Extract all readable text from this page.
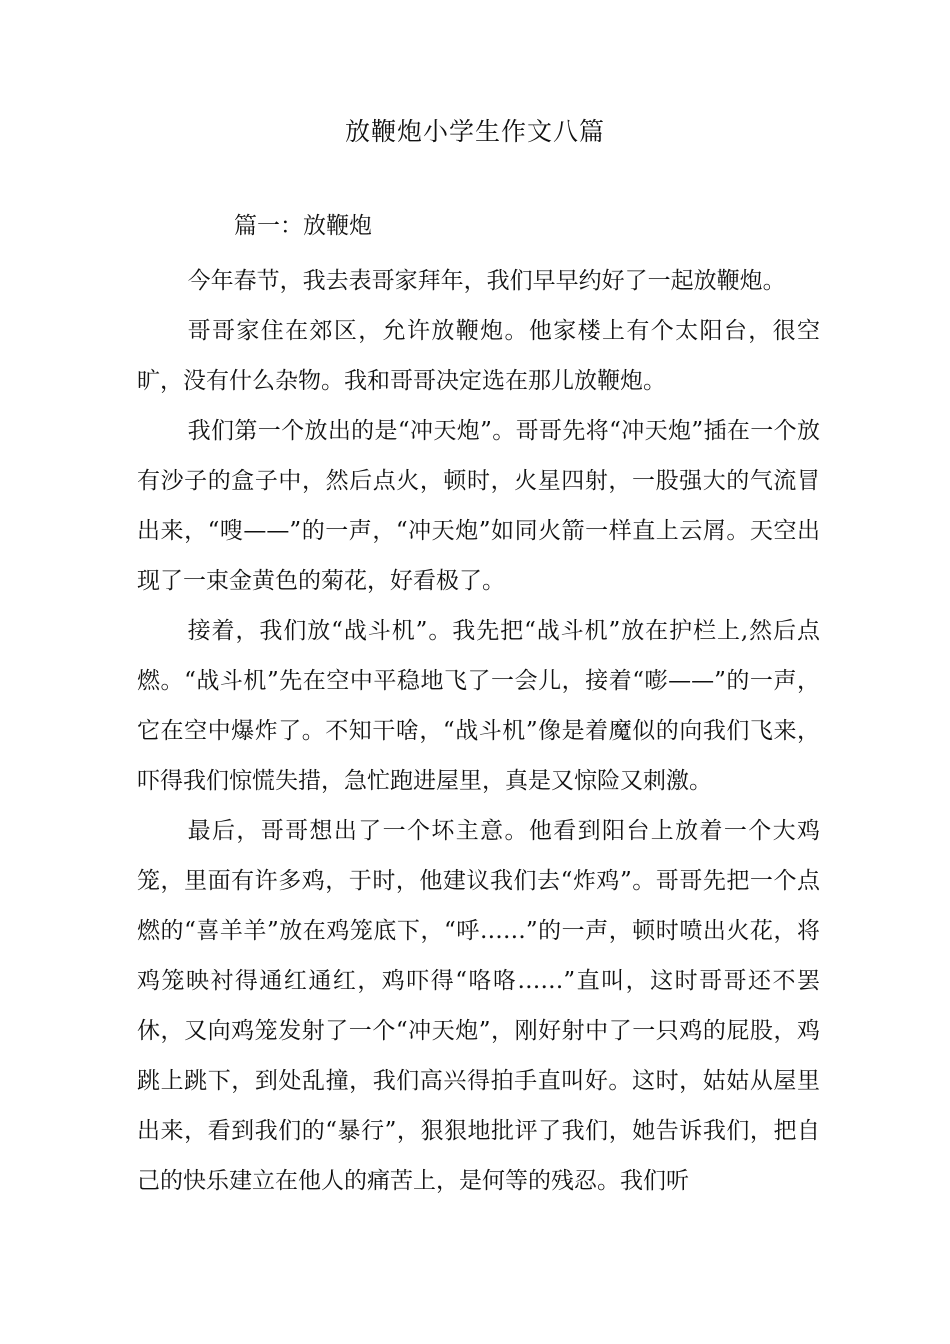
放鞭炮小学生作文八篇
篇一：放鞭炮

今年春节，我去表哥家拜年，我们早早约好了一起放鞭炮。

哥哥家住在郊区，允许放鞭炮。他家楼上有个太阳台，很空旷，没有什么杂物。我和哥哥决定选在那儿放鞭炮。

我们第一个放出的是“冲天炮”。哥哥先将“冲天炮”插在一个放有沙子的盒子中，然后点火，顿时，火星四射，一股强大的气流冒出来，“嗖——”的一声，“冲天炮”如同火箭一样直上云屑。天空出现了一束金黄色的菊花，好看极了。

接着，我们放“战斗机”。我先把“战斗机”放在护栏上,然后点燃。“战斗机”先在空中平稳地飞了一会儿，接着“嘭——”的一声，它在空中爆炸了。不知干啥，“战斗机”像是着魔似的向我们飞来，吓得我们惊慌失措，急忙跑进屋里，真是又惊险又刺激。

最后，哥哥想出了一个坏主意。他看到阳台上放着一个大鸡笼，里面有许多鸡，于时，他建议我们去“炸鸡”。哥哥先把一个点燃的“喜羊羊”放在鸡笼底下，“呼……”的一声，顿时喷出火花，将鸡笼映衬得通红通红，鸡吓得“咯咯……”直叫，这时哥哥还不罢休，又向鸡笼发射了一个“冲天炮”，刚好射中了一只鸡的屁股，鸡跳上跳下，到处乱撞，我们高兴得拍手直叫好。这时，姑姑从屋里出来，看到我们的“暴行”，狠狠地批评了我们，她告诉我们，把自己的快乐建立在他人的痛苦上，是何等的残忍。我们听
